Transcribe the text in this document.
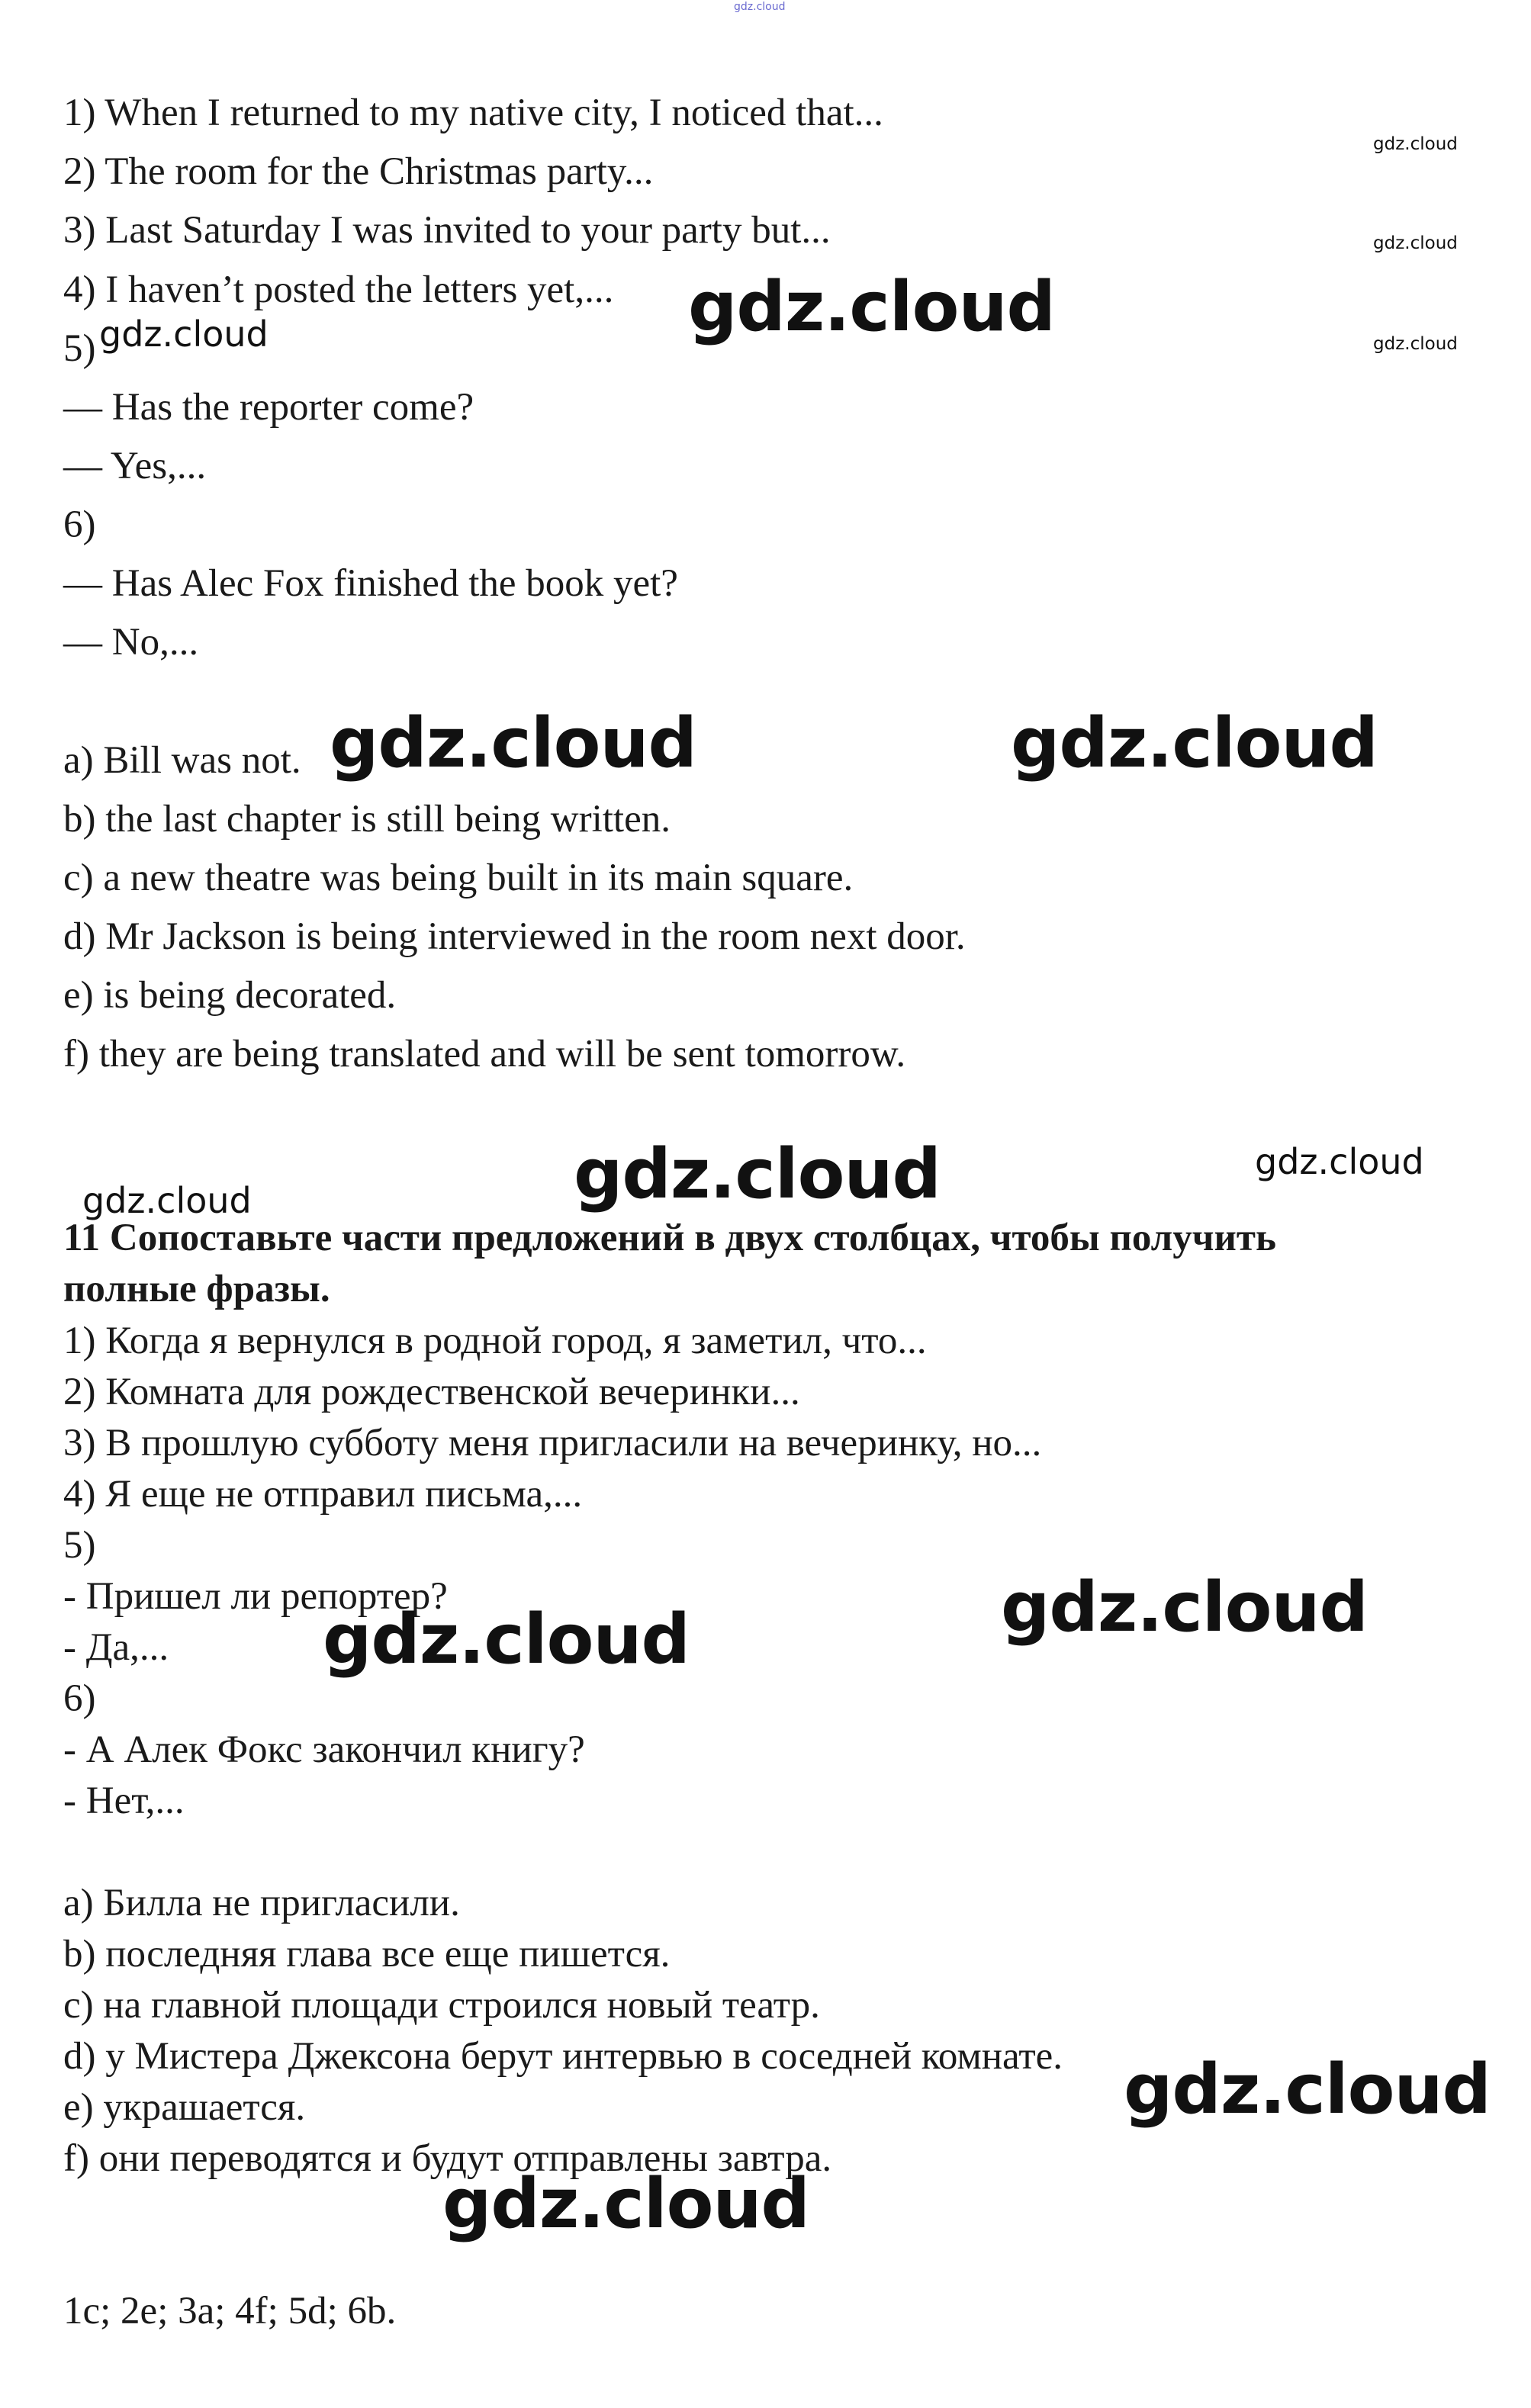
gdz.cloud
1) When I returned to my native city, I noticed that...
2) The room for the Christmas party...
3) Last Saturday I was invited to your party but...
4) I haven’t posted the letters yet,...
5)
— Has the reporter come?
— Yes,...
6)
— Has Alec Fox finished the book yet?
— No,...
a) Bill was not.
b) the last chapter is still being written.
c) a new theatre was being built in its main square.
d) Mr Jackson is being interviewed in the room next door.
e) is being decorated.
f) they are being translated and will be sent tomorrow.
11 Сопоставьте части предложений в двух столбцах, чтобы получить
полные фразы.
1) Когда я вернулся в родной город, я заметил, что...
2) Комната для рождественской вечеринки...
3) В прошлую субботу меня пригласили на вечеринку, но...
4) Я еще не отправил письма,...
5)
- Пришел ли репортер?
- Да,...
6)
- А Алек Фокс закончил книгу?
- Нет,...
a) Билла не пригласили.
b) последняя глава все еще пишется.
c) на главной площади строился новый театр.
d) у Мистера Джексона берут интервью в соседней комнате.
e) украшается.
f) они переводятся и будут отправлены завтра.
1c; 2e; 3a; 4f; 5d; 6b.
gdz.cloud
gdz.cloud
gdz.cloud
gdz.cloud	gdz.cloud
gdz.cloud	gdz.cloud
gdz.cloud
gdz.cloud	gdz.cloud
gdz.cloud
gdz.cloud
gdz.cloud
gdz.cloud
